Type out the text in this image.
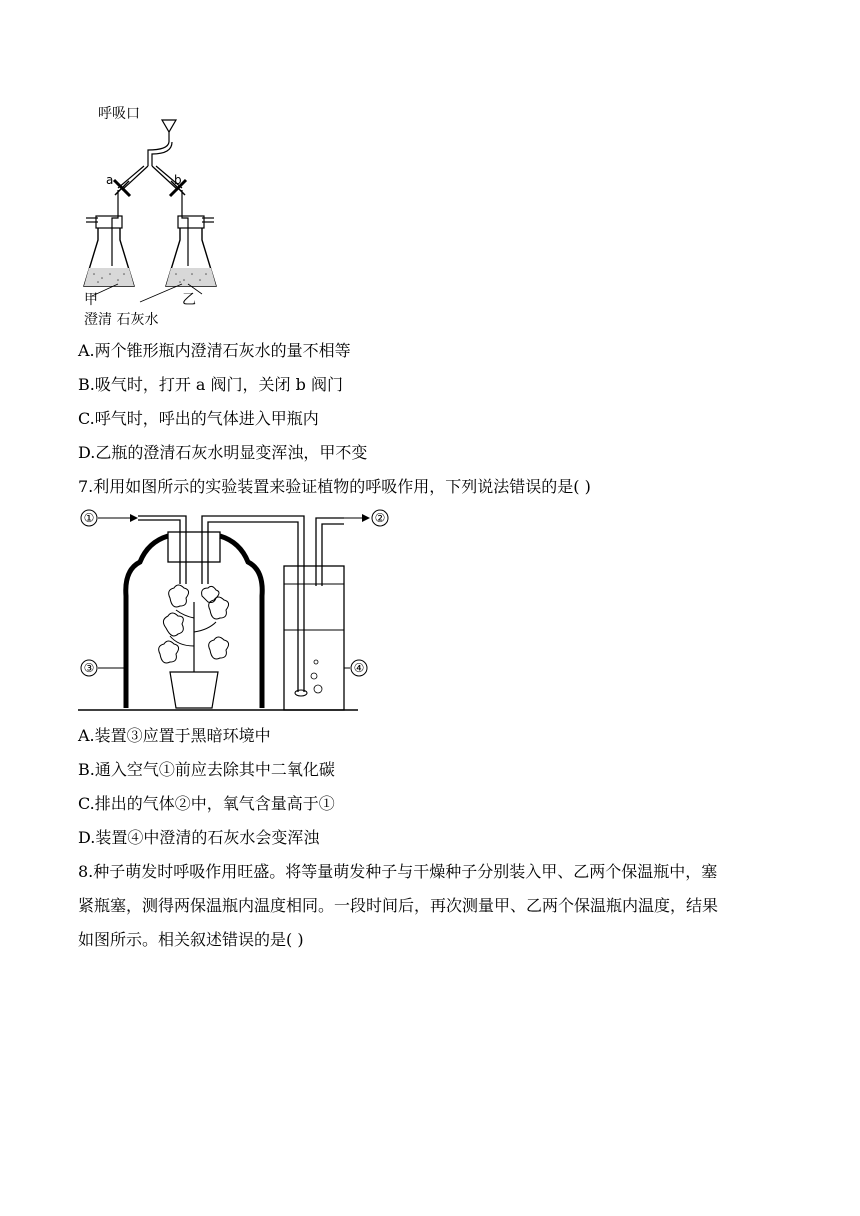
呼吸口
a	b
甲	乙
澄清 石灰水
A.两个锥形瓶内澄清石灰水的量不相等
B.吸气时，打开 a 阀门，关闭 b 阀门
C.呼气时，呼出的气体进入甲瓶内
D.乙瓶的澄清石灰水明显变浑浊，甲不变
7.利用如图所示的实验装置来验证植物的呼吸作用，下列说法错误的是( )
①	②
③	④
A.装置③应置于黑暗环境中
B.通入空气①前应去除其中二氧化碳
C.排出的气体②中，氧气含量高于①
D.装置④中澄清的石灰水会变浑浊
8.种子萌发时呼吸作用旺盛。将等量萌发种子与干燥种子分别装入甲、乙两个保温瓶中，塞
紧瓶塞，测得两保温瓶内温度相同。一段时间后，再次测量甲、乙两个保温瓶内温度，结果
如图所示。相关叙述错误的是( )
